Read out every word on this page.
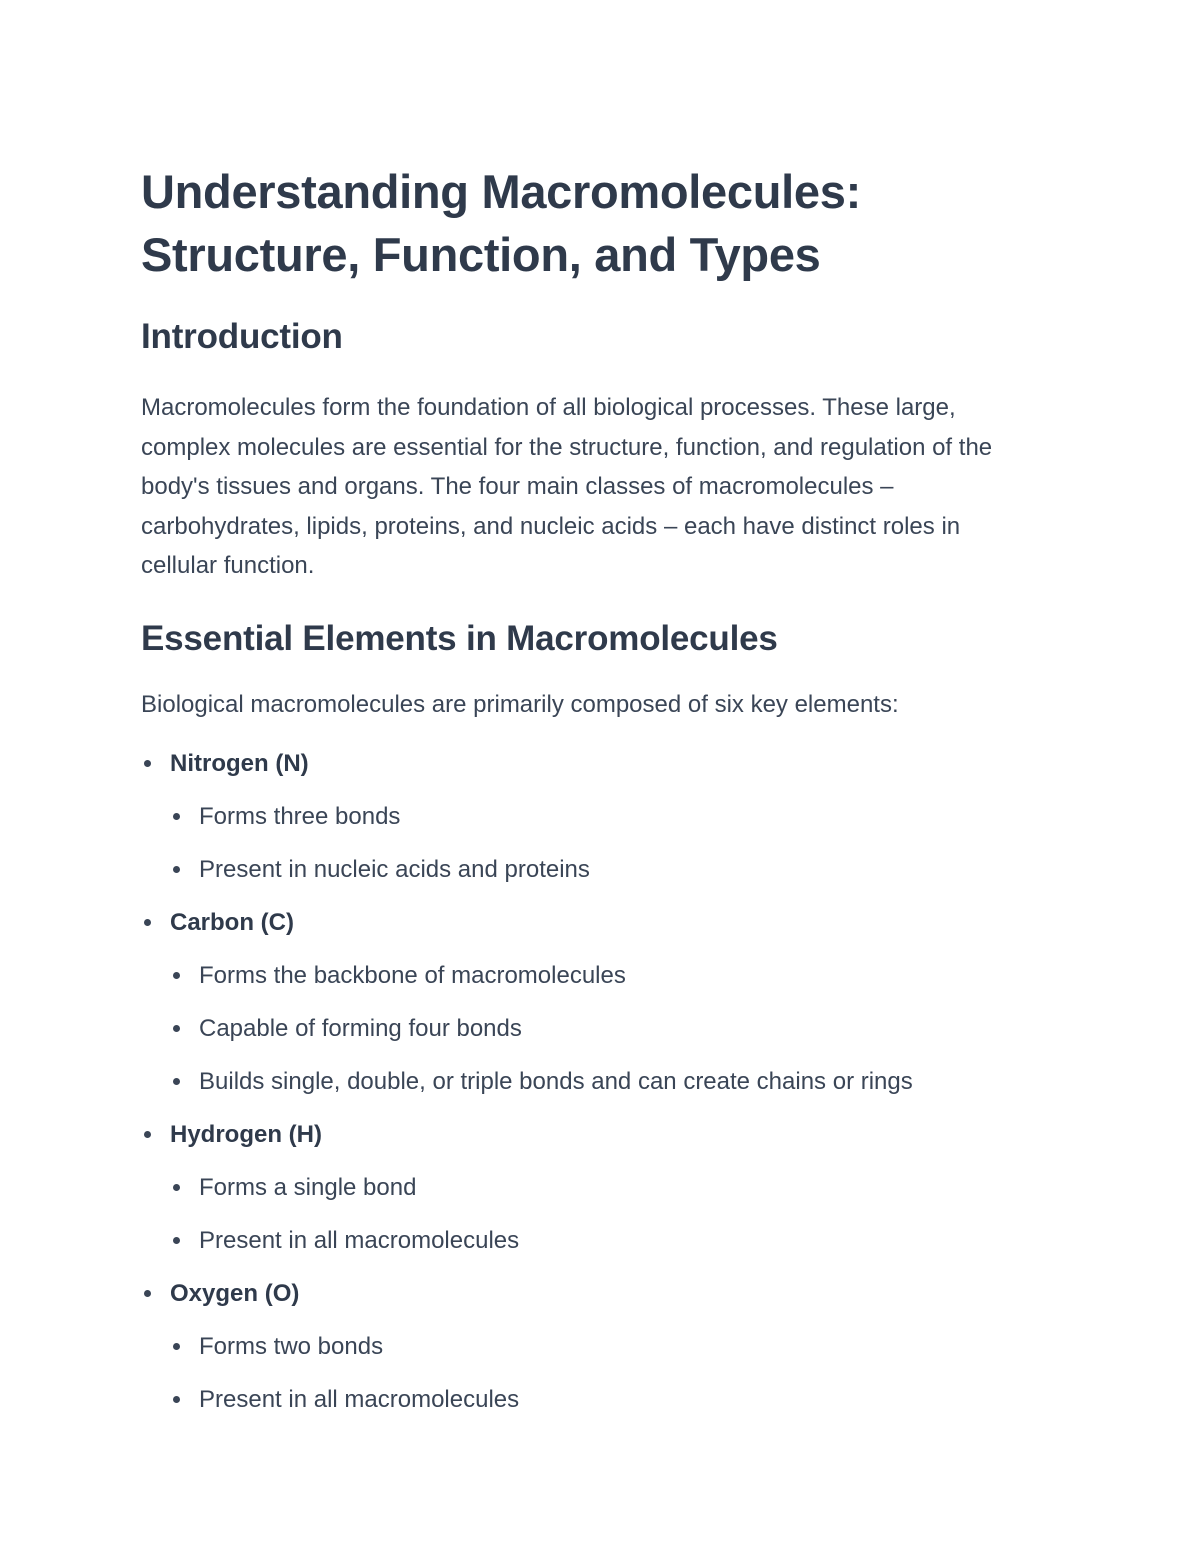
Understanding Macromolecules:
Structure, Function, and Types
Introduction

Macromolecules form the foundation of all biological processes. These large, complex molecules are essential for the structure, function, and regulation of the body's tissues and organs. The four main classes of macromolecules – carbohydrates, lipids, proteins, and nucleic acids – each have distinct roles in cellular function.

Essential Elements in Macromolecules

Biological macromolecules are primarily composed of six key elements:

Nitrogen (N)
Forms three bonds
Present in nucleic acids and proteins
Carbon (C)
Forms the backbone of macromolecules
Capable of forming four bonds
Builds single, double, or triple bonds and can create chains or rings
Hydrogen (H)
Forms a single bond
Present in all macromolecules
Oxygen (O)
Forms two bonds
Present in all macromolecules
